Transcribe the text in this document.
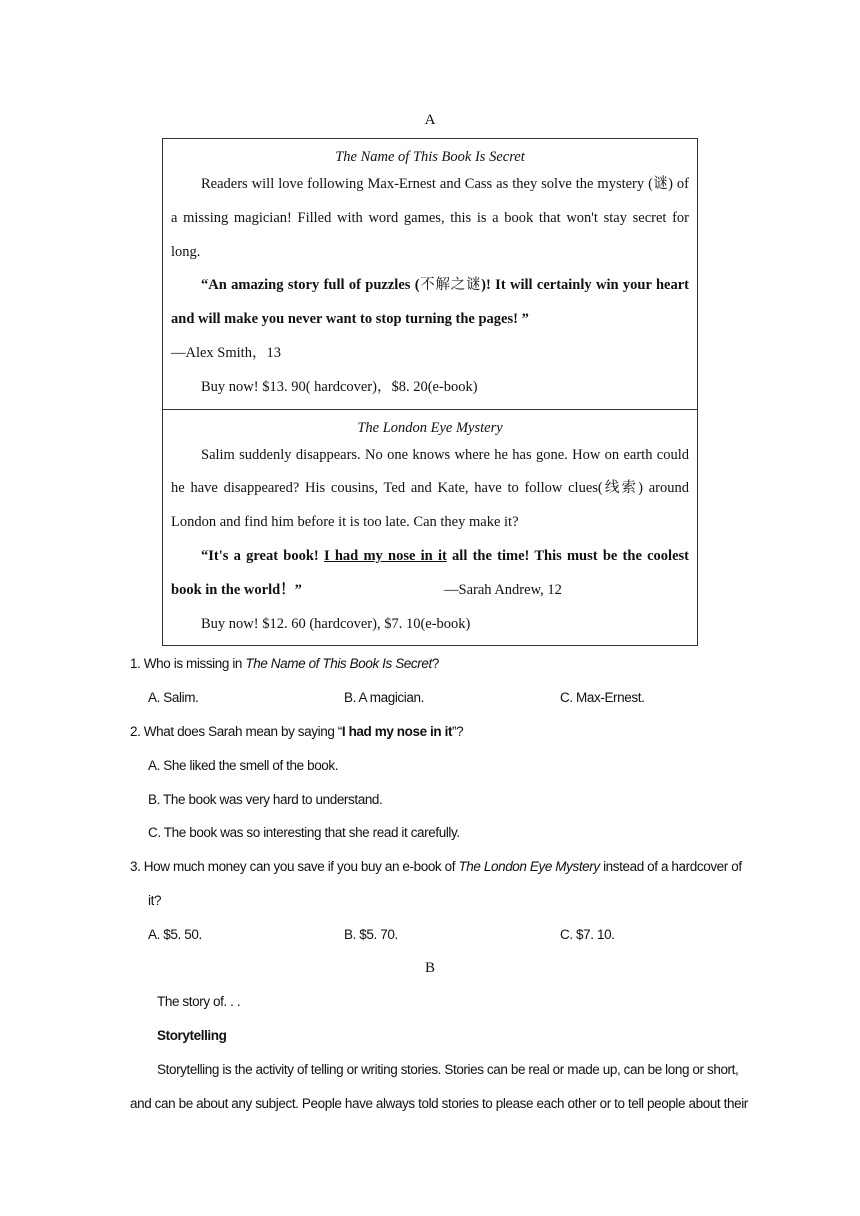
A
The Name of This Book Is Secret
Readers will love following Max-Ernest and Cass as they solve the mystery (谜) of a missing magician! Filled with word games, this is a book that won't stay secret for long.
“An amazing story full of puzzles (不解之谜)! It will certainly win your heart and will make you never want to stop turning the pages! ”
—Alex Smith，13
Buy now! $13. 90( hardcover)，$8. 20(e-book)

The London Eye Mystery
Salim suddenly disappears. No one knows where he has gone. How on earth could he have disappeared? His cousins, Ted and Kate, have to follow clues(线索) around London and find him before it is too late. Can they make it?
“It's a great book! I had my nose in it all the time! This must be the coolest book in the world！”	—Sarah Andrew, 12
Buy now! $12. 60 (hardcover), $7. 10(e-book)
1. Who is missing in The Name of This Book Is Secret?
A. Salim.	B. A magician.	C. Max-Ernest.
2. What does Sarah mean by saying “I had my nose in it”?
A. She liked the smell of the book.
B. The book was very hard to understand.
C. The book was so interesting that she read it carefully.
3. How much money can you save if you buy an e-book of The London Eye Mystery instead of a hardcover of
it?
A. $5. 50.	B. $5. 70.	C. $7. 10.
B
The story of. . .
Storytelling
Storytelling is the activity of telling or writing stories. Stories can be real or made up, can be long or short,
and can be about any subject. People have always told stories to please each other or to tell people about their
